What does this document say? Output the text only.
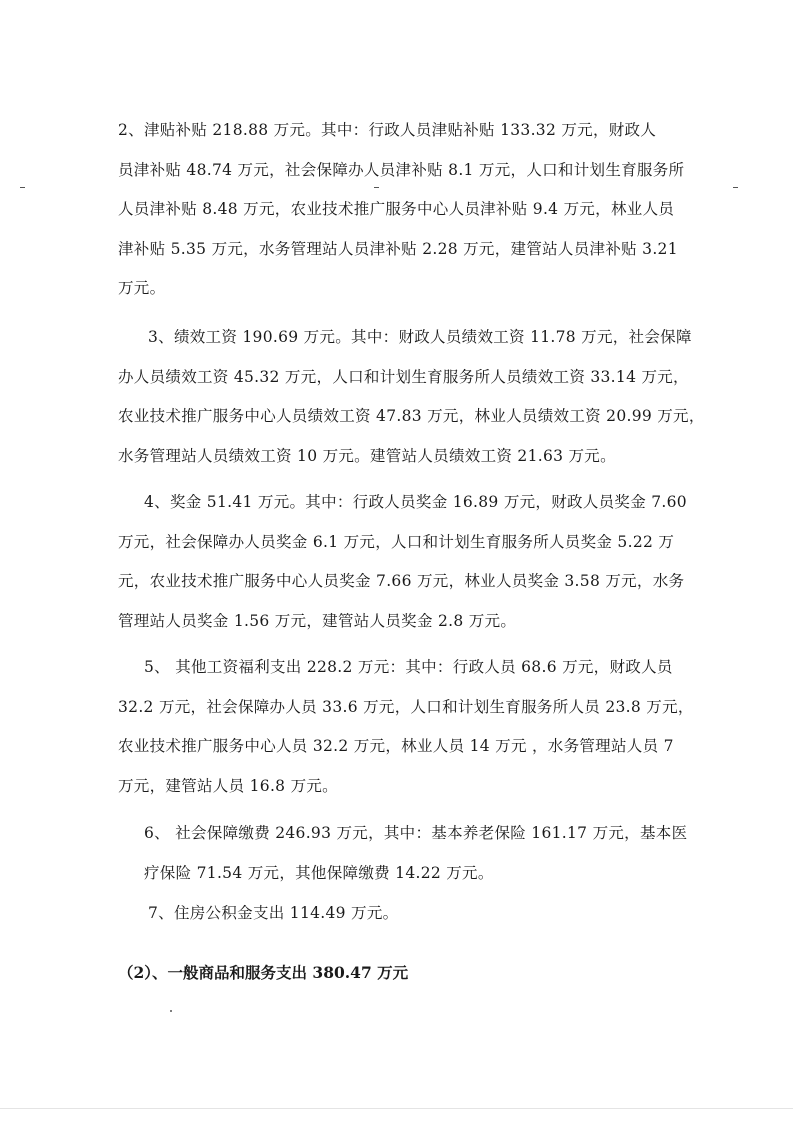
2、津贴补贴 218.88 万元。其中：行政人员津贴补贴 133.32 万元，财政人
员津补贴 48.74 万元，社会保障办人员津补贴 8.1 万元，人口和计划生育服务所
人员津补贴 8.48 万元，农业技术推广服务中心人员津补贴 9.4 万元，林业人员
津补贴 5.35 万元，水务管理站人员津补贴 2.28 万元，建管站人员津补贴 3.21
万元。

3、绩效工资 190.69 万元。其中：财政人员绩效工资 11.78 万元，社会保障
办人员绩效工资 45.32 万元，人口和计划生育服务所人员绩效工资 33.14 万元，
农业技术推广服务中心人员绩效工资 47.83 万元，林业人员绩效工资 20.99 万元，
水务管理站人员绩效工资 10 万元。建管站人员绩效工资 21.63 万元。

4、奖金 51.41 万元。其中：行政人员奖金 16.89 万元，财政人员奖金 7.60
万元，社会保障办人员奖金 6.1 万元，人口和计划生育服务所人员奖金 5.22 万
元，农业技术推广服务中心人员奖金 7.66 万元，林业人员奖金 3.58 万元，水务
管理站人员奖金 1.56 万元，建管站人员奖金 2.8 万元。

5、 其他工资福利支出 228.2 万元：其中：行政人员 68.6 万元，财政人员
32.2 万元，社会保障办人员 33.6 万元，人口和计划生育服务所人员 23.8 万元，
农业技术推广服务中心人员 32.2 万元，林业人员 14 万元 ，水务管理站人员 7
万元，建管站人员 16.8 万元。

6、 社会保障缴费 246.93 万元，其中：基本养老保险 161.17 万元，基本医
疗保险 71.54 万元，其他保障缴费 14.22 万元。

7、住房公积金支出 114.49 万元。

（2）、一般商品和服务支出 380.47 万元
